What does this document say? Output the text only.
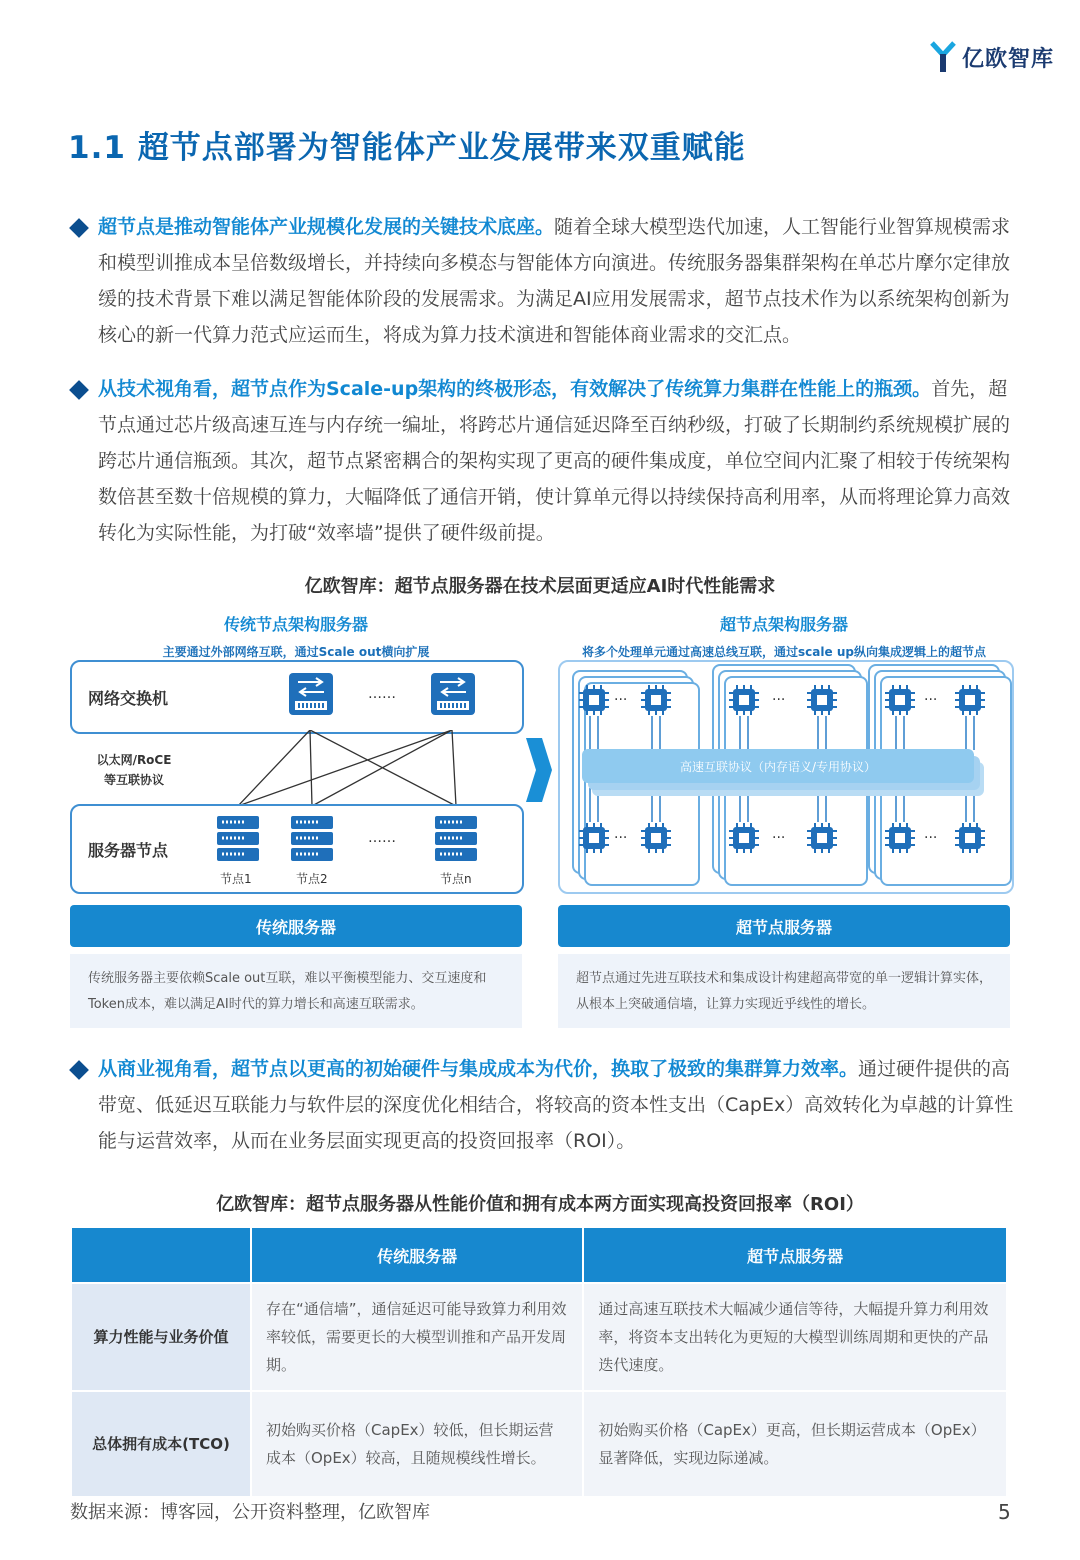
亿欧智库
1.1 超节点部署为智能体产业发展带来双重赋能
超节点是推动智能体产业规模化发展的关键技术底座。随着全球大模型迭代加速，人工智能行业智算规模需求和模型训推成本呈倍数级增长，并持续向多模态与智能体方向演进。传统服务器集群架构在单芯片摩尔定律放缓的技术背景下难以满足智能体阶段的发展需求。为满足AI应用发展需求，超节点技术作为以系统架构创新为核心的新一代算力范式应运而生，将成为算力技术演进和智能体商业需求的交汇点。
从技术视角看，超节点作为Scale-up架构的终极形态，有效解决了传统算力集群在性能上的瓶颈。首先，超节点通过芯片级高速互连与内存统一编址，将跨芯片通信延迟降至百纳秒级，打破了长期制约系统规模扩展的跨芯片通信瓶颈。其次，超节点紧密耦合的架构实现了更高的硬件集成度，单位空间内汇聚了相较于传统架构数倍甚至数十倍规模的算力，大幅降低了通信开销，使计算单元得以持续保持高利用率，从而将理论算力高效转化为实际性能，为打破“效率墙”提供了硬件级前提。
亿欧智库：超节点服务器在技术层面更适应AI时代性能需求
传统节点架构服务器
主要通过外部网络互联，通过Scale out横向扩展
超节点架构服务器
将多个处理单元通过高速总线互联，通过scale up纵向集成逻辑上的超节点
网络交换机	……
以太网/RoCE
等互联协议
服务器节点
……
节点1	节点2	节点n
···	···	···
···	···	···
高速互联协议（内存语义/专用协议）
传统服务器	超节点服务器
传统服务器主要依赖Scale out互联，难以平衡模型能力、交互速度和Token成本，难以满足AI时代的算力增长和高速互联需求。
超节点通过先进互联技术和集成设计构建超高带宽的单一逻辑计算实体，从根本上突破通信墙，让算力实现近乎线性的增长。
从商业视角看，超节点以更高的初始硬件与集成成本为代价，换取了极致的集群算力效率。通过硬件提供的高带宽、低延迟互联能力与软件层的深度优化相结合，将较高的资本性支出（CapEx）高效转化为卓越的计算性能与运营效率，从而在业务层面实现更高的投资回报率（ROI）。
亿欧智库：超节点服务器从性能价值和拥有成本两方面实现高投资回报率（ROI）
	传统服务器	超节点服务器
算力性能与业务价值	存在“通信墙”，通信延迟可能导致算力利用效率较低，需要更长的大模型训推和产品开发周期。	通过高速互联技术大幅减少通信等待，大幅提升算力利用效率，将资本支出转化为更短的大模型训练周期和更快的产品迭代速度。
总体拥有成本(TCO)	初始购买价格（CapEx）较低，但长期运营成本（OpEx）较高，且随规模线性增长。	初始购买价格（CapEx）更高，但长期运营成本（OpEx）显著降低，实现边际递减。
数据来源：博客园，公开资料整理，亿欧智库	5
